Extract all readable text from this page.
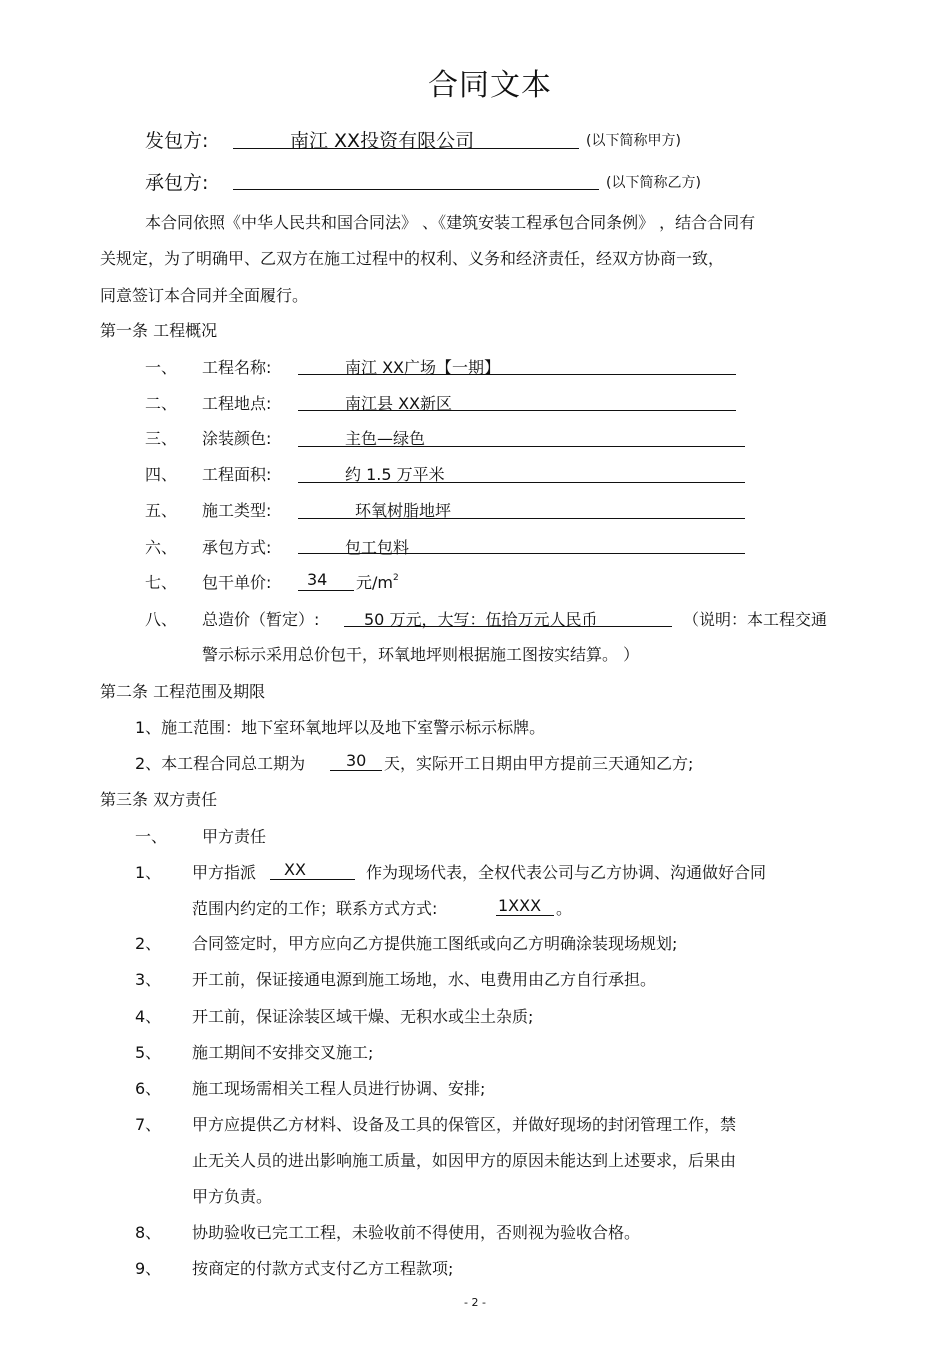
合同文本
发包方:	南江 XX投资有限公司	(以下简称甲方)
承包方:	(以下简称乙方)
本合同依照《中华人民共和国合同法》 、《建筑安装工程承包合同条例》 ，结合合同有
关规定，为了明确甲、乙双方在施工过程中的权利、义务和经济责任，经双方协商一致，
同意签订本合同并全面履行。
第一条 工程概况
一、 工程名称:	南江 XX广场【一期】
二、 工程地点:	南江县 XX新区
三、 涂装颜色:	主色—绿色
四、 工程面积:	约 1.5 万平米
五、 施工类型:	环氧树脂地坪
六、 承包方式:	包工包料
七、 包干单价: 34 元$/m^2$
八、 总造价（暂定）:	50 万元，大写：伍拾万元人民币	（说明：本工程交通
警示标示采用总价包干，环氧地坪则根据施工图按实结算。 ）
第二条 工程范围及期限
1、施工范围：地下室环氧地坪以及地下室警示标示标牌。
2、本工程合同总工期为	30 天，实际开工日期由甲方提前三天通知乙方;
第三条 双方责任
一、 甲方责任
1、 甲方指派 XX	作为现场代表，全权代表公司与乙方协调、沟通做好合同
范围内约定的工作；联系方式方式:	1XXX 。
2、 合同签定时，甲方应向乙方提供施工图纸或向乙方明确涂装现场规划;
3、 开工前，保证接通电源到施工场地，水、电费用由乙方自行承担。
4、 开工前，保证涂装区域干燥、无积水或尘土杂质;
5、 施工期间不安排交叉施工;
6、 施工现场需相关工程人员进行协调、安排;
7、 甲方应提供乙方材料、设备及工具的保管区，并做好现场的封闭管理工作，禁
止无关人员的进出影响施工质量，如因甲方的原因未能达到上述要求，后果由
甲方负责。
8、 协助验收已完工工程，未验收前不得使用，否则视为验收合格。
9、 按商定的付款方式支付乙方工程款项;
- 2 -
